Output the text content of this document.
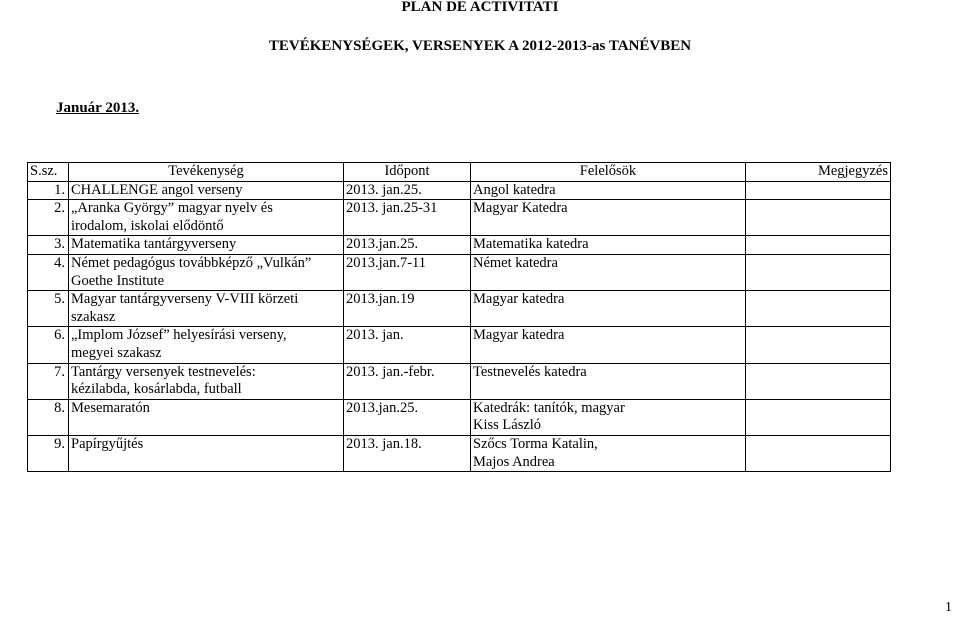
PLAN DE ACTIVITATI
TEVÉKENYSÉGEK, VERSENYEK A 2012-2013-as TANÉVBEN
Január 2013.
S.sz.	Tevékenység	Időpont	Felelősök	Megjegyzés
1.	CHALLENGE angol verseny	2013. jan.25.	Angol katedra	

2.	„Aranka György” magyar nyelv és
irodalom, iskolai elődöntő	2013. jan.25-31	Magyar Katedra	

3.	Matematika tantárgyverseny	2013.jan.25.	Matematika katedra	

4.	Német pedagógus továbbképző „Vulkán”
Goethe Institute	2013.jan.7-11	Német katedra	

5.	Magyar tantárgyverseny V-VIII körzeti
szakasz	2013.jan.19	Magyar katedra	

6.	„Implom József” helyesírási verseny,
megyei szakasz	2013. jan.	Magyar katedra	

7.	Tantárgy versenyek testnevelés:
kézilabda, kosárlabda, futball	2013. jan.-febr.	Testnevelés katedra	

8.	Mesemaratón	2013.jan.25.	Katedrák: tanítók, magyar
Kiss László	

9.	Papírgyűjtés	2013. jan.18.	Szőcs Torma Katalin,
Majos Andrea	

1
